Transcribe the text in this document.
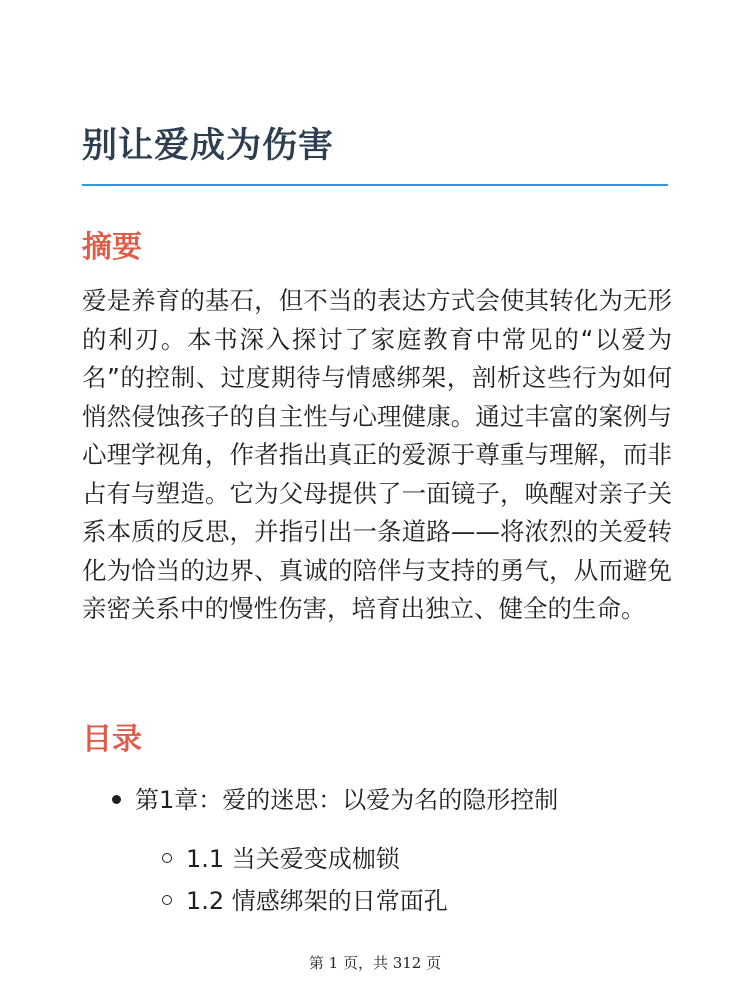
别让爱成为伤害
摘要
爱是养育的基石，但不当的表达方式会使其转化为无形的利刃。本书深入探讨了家庭教育中常见的“以爱为名”的控制、过度期待与情感绑架，剖析这些行为如何悄然侵蚀孩子的自主性与心理健康。通过丰富的案例与心理学视角，作者指出真正的爱源于尊重与理解，而非占有与塑造。它为父母提供了一面镜子，唤醒对亲子关系本质的反思，并指引出一条道路——将浓烈的关爱转化为恰当的边界、真诚的陪伴与支持的勇气，从而避免亲密关系中的慢性伤害，培育出独立、健全的生命。
目录
第1章：爱的迷思：以爱为名的隐形控制
1.1 当关爱变成枷锁
1.2 情感绑架的日常面孔
第 1 页，共 312 页
